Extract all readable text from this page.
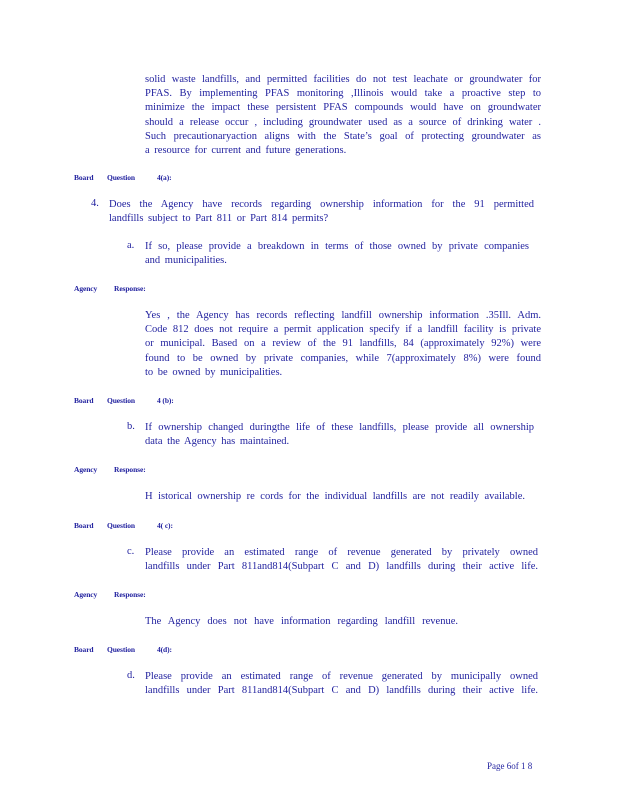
solid waste landfills, and permitted facilities do not test leachate or groundwater for
PFAS. By implementing PFAS monitoring ,Illinois would take a proactive step to
minimize the impact these persistent PFAS compounds would have on groundwater
should a release occur , including groundwater used as a source of drinking water .
Such precautionaryaction aligns with the State’s goal of protecting groundwater as
a resource for current and future generations.
Board Question	4(a):
4. Does the Agency have records regarding ownership information for the 91 permitted
landfills subject to Part 811 or Part 814 permits?
a. If so, please provide a breakdown in terms of those owned by private companies
and municipalities.
Agency Response:
Yes , the Agency has records reflecting landfill ownership information .35Ill. Adm.
Code 812 does not require a permit application specify if a landfill facility is private
or municipal. Based on a review of the 91 landfills, 84 (approximately 92%) were
found to be owned by private companies, while 7(approximately 8%) were found
to be owned by municipalities.
Board Question	4 (b):
b. If ownership changed duringthe life of these landfills, please provide all ownership
data the Agency has maintained.
Agency Response:
H istorical ownership re cords for the individual landfills are not readily available.
Board Question	4( c):
c. Please provide an estimated range of revenue generated by privately owned
landfills under Part 811and814(Subpart C and D) landfills during their active life.
Agency Response:
The Agency does not have information regarding landfill revenue.
Board Question	4(d):
d. Please provide an estimated range of revenue generated by municipally owned
landfills under Part 811and814(Subpart C and D) landfills during their active life.
Page 6of 1 8
